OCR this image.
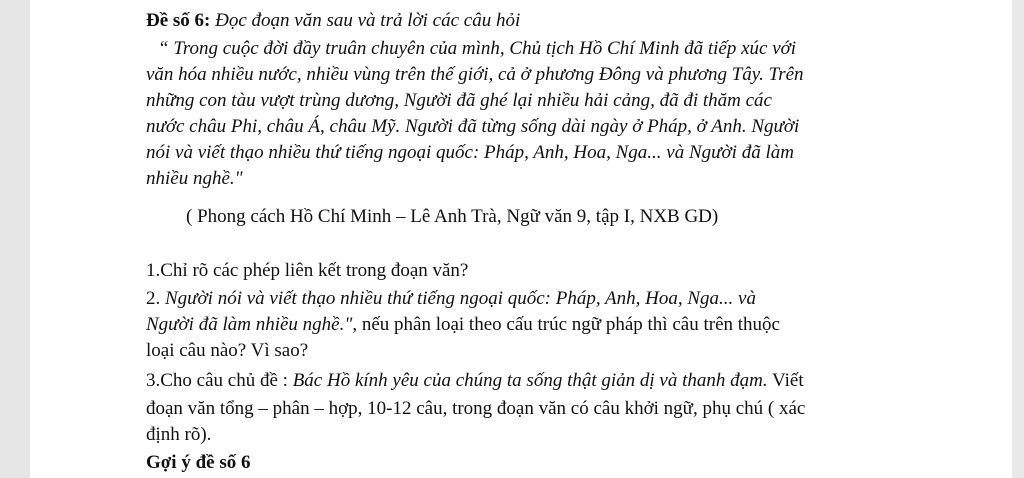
Đề số 6: Đọc đoạn văn sau và trả lời các câu hỏi
“ Trong cuộc đời đầy truân chuyên của mình, Chủ tịch Hồ Chí Minh đã tiếp xúc với
văn hóa nhiều nước, nhiều vùng trên thế giới, cả ở phương Đông và phương Tây. Trên
những con tàu vượt trùng dương, Người đã ghé lại nhiều hải cảng, đã đi thăm các
nước châu Phi, châu Á, châu Mỹ. Người đã từng sống dài ngày ở Pháp, ở Anh. Người
nói và viết thạo nhiều thứ tiếng ngoại quốc: Pháp, Anh, Hoa, Nga... và Người đã làm
nhiều nghề."
( Phong cách Hồ Chí Minh – Lê Anh Trà, Ngữ văn 9, tập I, NXB GD)
1.Chỉ rõ các phép liên kết trong đoạn văn?
2. Người nói và viết thạo nhiều thứ tiếng ngoại quốc: Pháp, Anh, Hoa, Nga... và
Người đã làm nhiều nghề.", nếu phân loại theo cấu trúc ngữ pháp thì câu trên thuộc
loại câu nào? Vì sao?
3.Cho câu chủ đề : Bác Hồ kính yêu của chúng ta sống thật giản dị và thanh đạm. Viết
đoạn văn tổng – phân – hợp, 10-12 câu, trong đoạn văn có câu khởi ngữ, phụ chú ( xác
định rõ).
Gợi ý đề số 6
